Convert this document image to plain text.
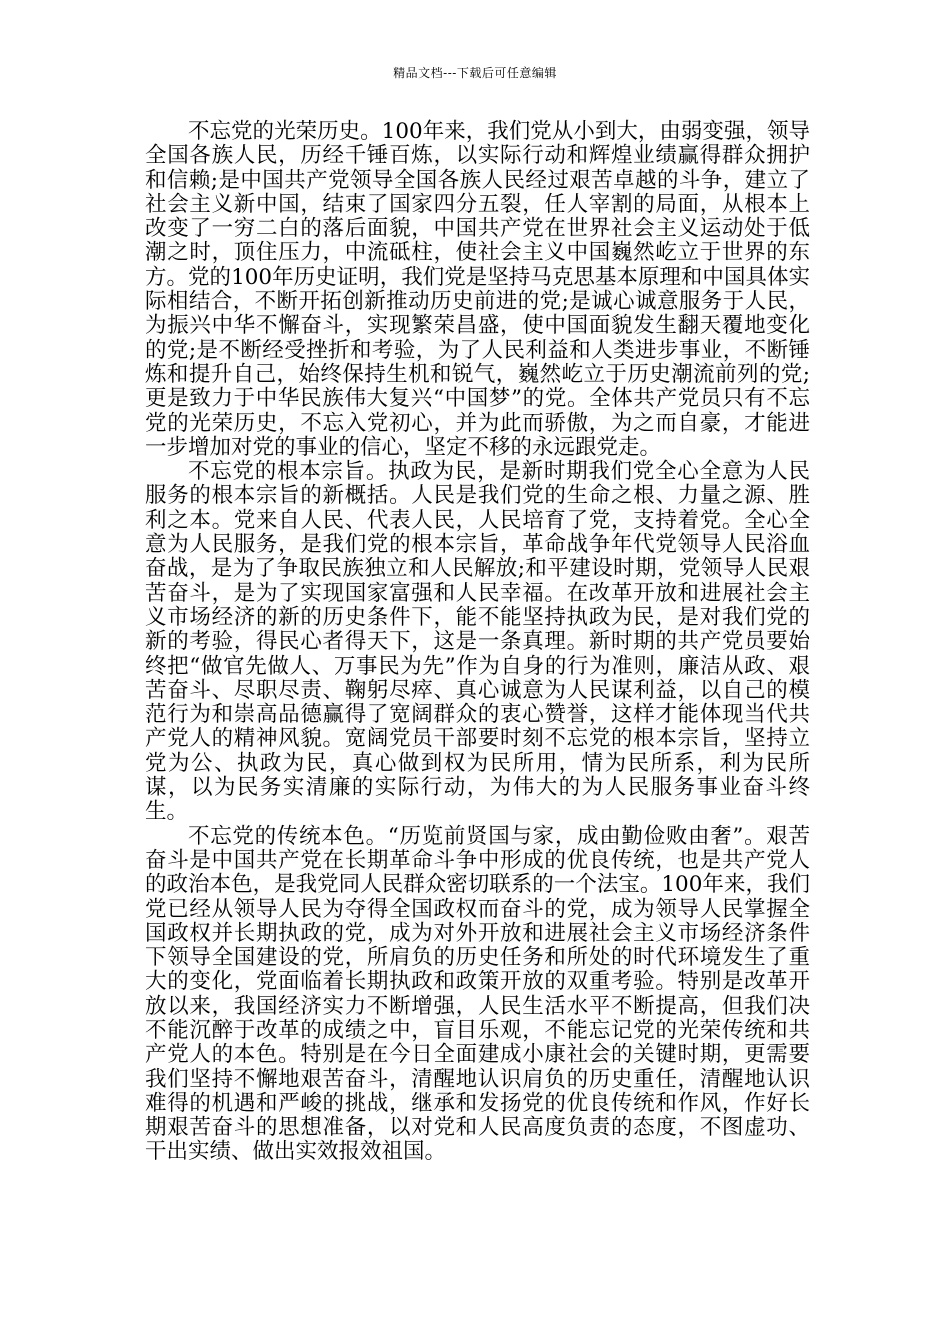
精品文档---下载后可任意编辑

不忘党的光荣历史。100年来，我们党从小到大，由弱变强，领导全国各族人民，历经千锤百炼，以实际行动和辉煌业绩赢得群众拥护和信赖;是中国共产党领导全国各族人民经过艰苦卓越的斗争，建立了社会主义新中国，结束了国家四分五裂，任人宰割的局面，从根本上改变了一穷二白的落后面貌，中国共产党在世界社会主义运动处于低潮之时，顶住压力，中流砥柱，使社会主义中国巍然屹立于世界的东方。党的100年历史证明，我们党是坚持马克思基本原理和中国具体实际相结合，不断开拓创新推动历史前进的党;是诚心诚意服务于人民，为振兴中华不懈奋斗，实现繁荣昌盛，使中国面貌发生翻天覆地变化的党;是不断经受挫折和考验，为了人民利益和人类进步事业，不断锤炼和提升自己，始终保持生机和锐气，巍然屹立于历史潮流前列的党;更是致力于中华民族伟大复兴“中国梦”的党。全体共产党员只有不忘党的光荣历史，不忘入党初心，并为此而骄傲，为之而自豪，才能进一步增加对党的事业的信心，坚定不移的永远跟党走。

不忘党的根本宗旨。执政为民，是新时期我们党全心全意为人民服务的根本宗旨的新概括。人民是我们党的生命之根、力量之源、胜利之本。党来自人民、代表人民，人民培育了党，支持着党。全心全意为人民服务，是我们党的根本宗旨，革命战争年代党领导人民浴血奋战，是为了争取民族独立和人民解放;和平建设时期，党领导人民艰苦奋斗，是为了实现国家富强和人民幸福。在改革开放和进展社会主义市场经济的新的历史条件下，能不能坚持执政为民，是对我们党的新的考验，得民心者得天下，这是一条真理。新时期的共产党员要始终把“做官先做人、万事民为先”作为自身的行为准则，廉洁从政、艰苦奋斗、尽职尽责、鞠躬尽瘁、真心诚意为人民谋利益，以自己的模范行为和崇高品德赢得了宽阔群众的衷心赞誉，这样才能体现当代共产党人的精神风貌。宽阔党员干部要时刻不忘党的根本宗旨，坚持立党为公、执政为民，真心做到权为民所用，情为民所系，利为民所谋，以为民务实清廉的实际行动，为伟大的为人民服务事业奋斗终生。

不忘党的传统本色。“历览前贤国与家，成由勤俭败由奢”。艰苦奋斗是中国共产党在长期革命斗争中形成的优良传统，也是共产党人的政治本色，是我党同人民群众密切联系的一个法宝。100年来，我们党已经从领导人民为夺得全国政权而奋斗的党，成为领导人民掌握全国政权并长期执政的党，成为对外开放和进展社会主义市场经济条件下领导全国建设的党，所肩负的历史任务和所处的时代环境发生了重大的变化，党面临着长期执政和政策开放的双重考验。特别是改革开放以来，我国经济实力不断增强，人民生活水平不断提高，但我们决不能沉醉于改革的成绩之中，盲目乐观，不能忘记党的光荣传统和共产党人的本色。特别是在今日全面建成小康社会的关键时期，更需要我们坚持不懈地艰苦奋斗，清醒地认识肩负的历史重任，清醒地认识难得的机遇和严峻的挑战，继承和发扬党的优良传统和作风，作好长期艰苦奋斗的思想准备，以对党和人民高度负责的态度，不图虚功、干出实绩、做出实效报效祖国。
